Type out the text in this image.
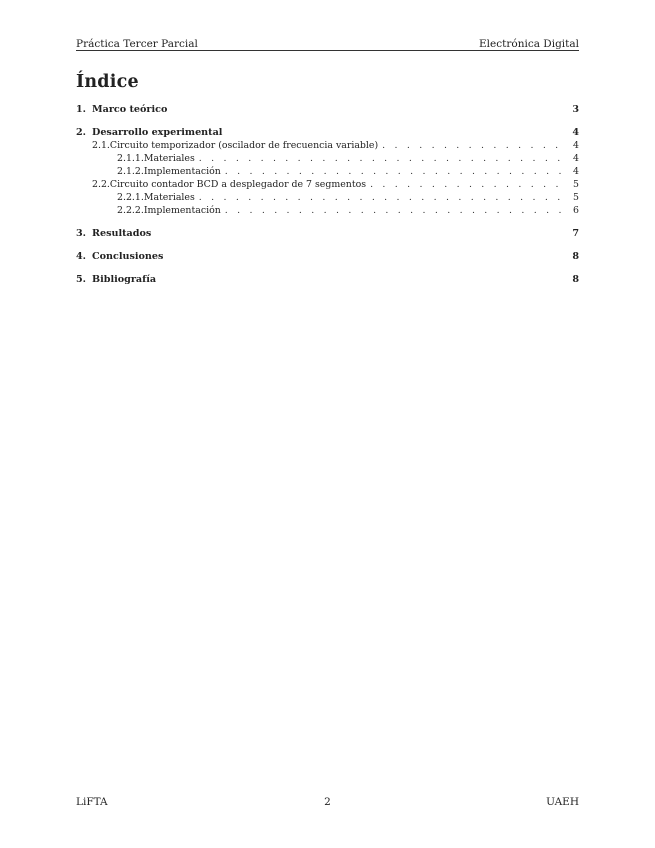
Práctica Tercer Parcial	Electrónica Digital
Índice
1. Marco teórico	3
2. Desarrollo experimental	4
2.1. Circuito temporizador (oscilador de frecuencia variable) . . .	4
2.1.1. Materiales . . .	4
2.1.2. Implementación . . .	4
2.2. Circuito contador BCD a desplegador de 7 segmentos . . .	5
2.2.1. Materiales . . .	5
2.2.2. Implementación . . .	6
3. Resultados	7
4. Conclusiones	8
5. Bibliografía	8
LiFTA	2	UAEH
